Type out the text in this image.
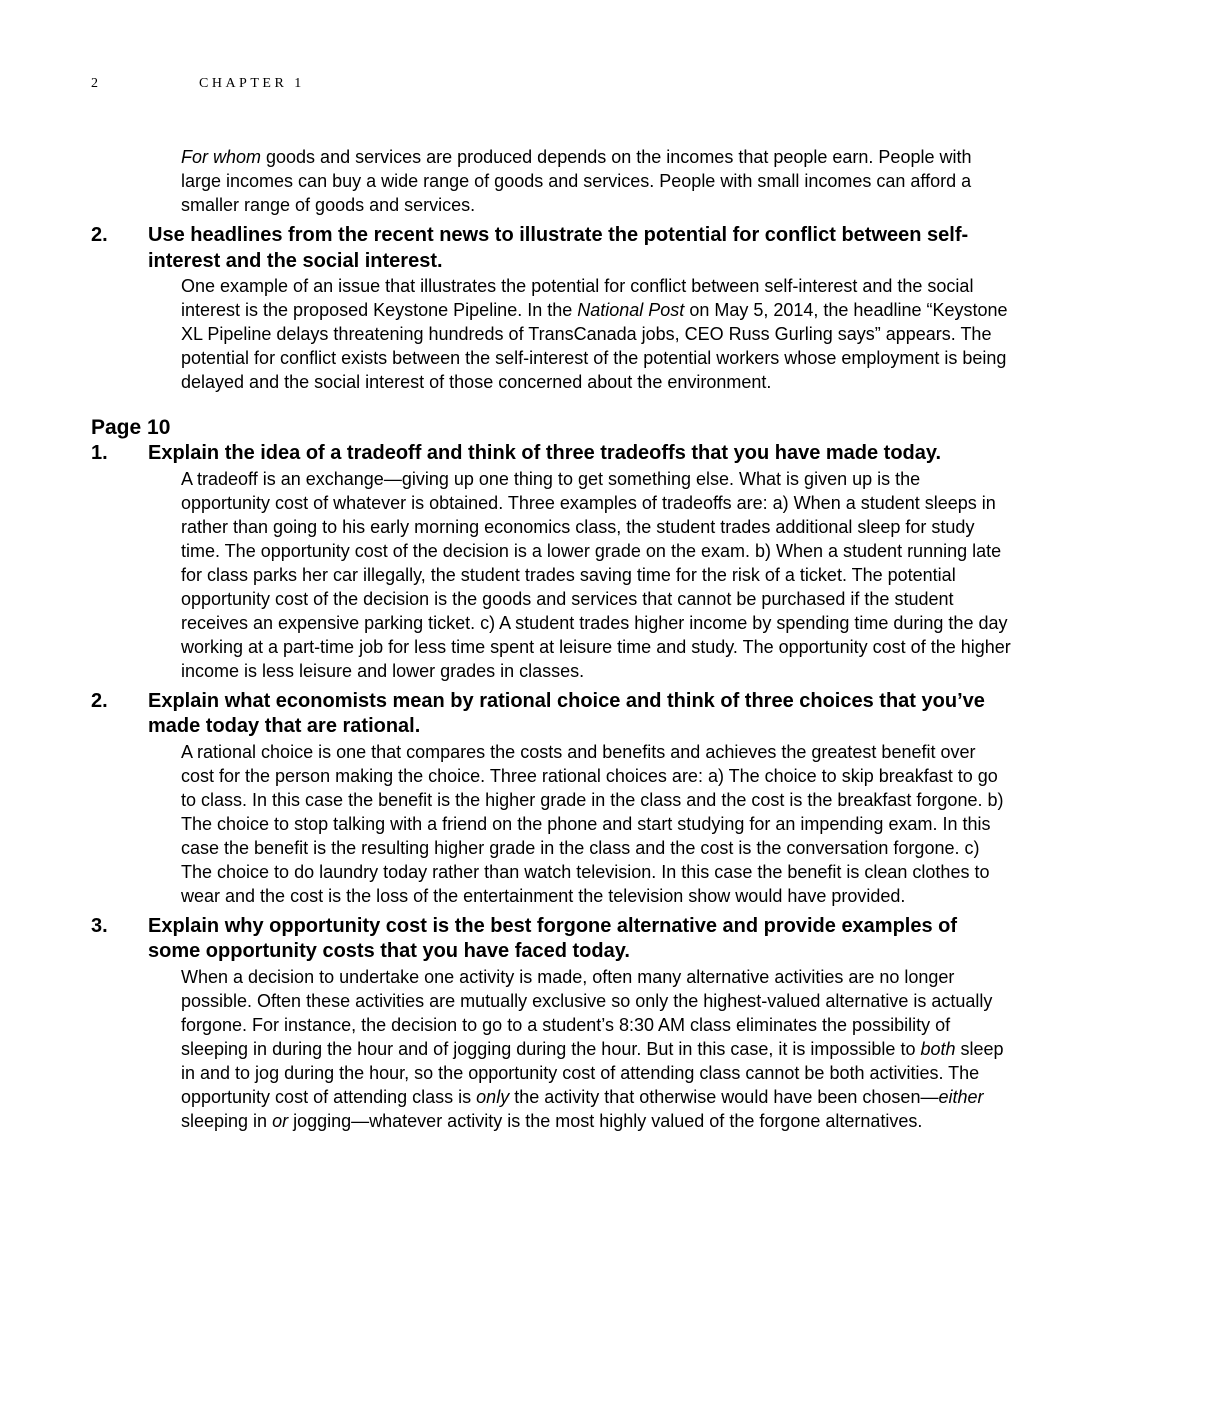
2	CHAPTER 1
For whom goods and services are produced depends on the incomes that people earn. People with large incomes can buy a wide range of goods and services. People with small incomes can afford a smaller range of goods and services.
2.	Use headlines from the recent news to illustrate the potential for conflict between self-interest and the social interest.
One example of an issue that illustrates the potential for conflict between self-interest and the social interest is the proposed Keystone Pipeline. In the National Post on May 5, 2014, the headline “Keystone XL Pipeline delays threatening hundreds of TransCanada jobs, CEO Russ Gurling says” appears. The potential for conflict exists between the self-interest of the potential workers whose employment is being delayed and the social interest of those concerned about the environment.
Page 10
1.	Explain the idea of a tradeoff and think of three tradeoffs that you have made today.
A tradeoff is an exchange—giving up one thing to get something else. What is given up is the opportunity cost of whatever is obtained. Three examples of tradeoffs are: a) When a student sleeps in rather than going to his early morning economics class, the student trades additional sleep for study time. The opportunity cost of the decision is a lower grade on the exam. b) When a student running late for class parks her car illegally, the student trades saving time for the risk of a ticket. The potential opportunity cost of the decision is the goods and services that cannot be purchased if the student receives an expensive parking ticket. c) A student trades higher income by spending time during the day working at a part-time job for less time spent at leisure time and study. The opportunity cost of the higher income is less leisure and lower grades in classes.
2.	Explain what economists mean by rational choice and think of three choices that you’ve made today that are rational.
A rational choice is one that compares the costs and benefits and achieves the greatest benefit over cost for the person making the choice. Three rational choices are: a) The choice to skip breakfast to go to class. In this case the benefit is the higher grade in the class and the cost is the breakfast forgone. b) The choice to stop talking with a friend on the phone and start studying for an impending exam. In this case the benefit is the resulting higher grade in the class and the cost is the conversation forgone. c) The choice to do laundry today rather than watch television. In this case the benefit is clean clothes to wear and the cost is the loss of the entertainment the television show would have provided.
3.	Explain why opportunity cost is the best forgone alternative and provide examples of some opportunity costs that you have faced today.
When a decision to undertake one activity is made, often many alternative activities are no longer possible. Often these activities are mutually exclusive so only the highest-valued alternative is actually forgone. For instance, the decision to go to a student’s 8:30 AM class eliminates the possibility of sleeping in during the hour and of jogging during the hour. But in this case, it is impossible to both sleep in and to jog during the hour, so the opportunity cost of attending class cannot be both activities. The opportunity cost of attending class is only the activity that otherwise would have been chosen—either sleeping in or jogging—whatever activity is the most highly valued of the forgone alternatives.
